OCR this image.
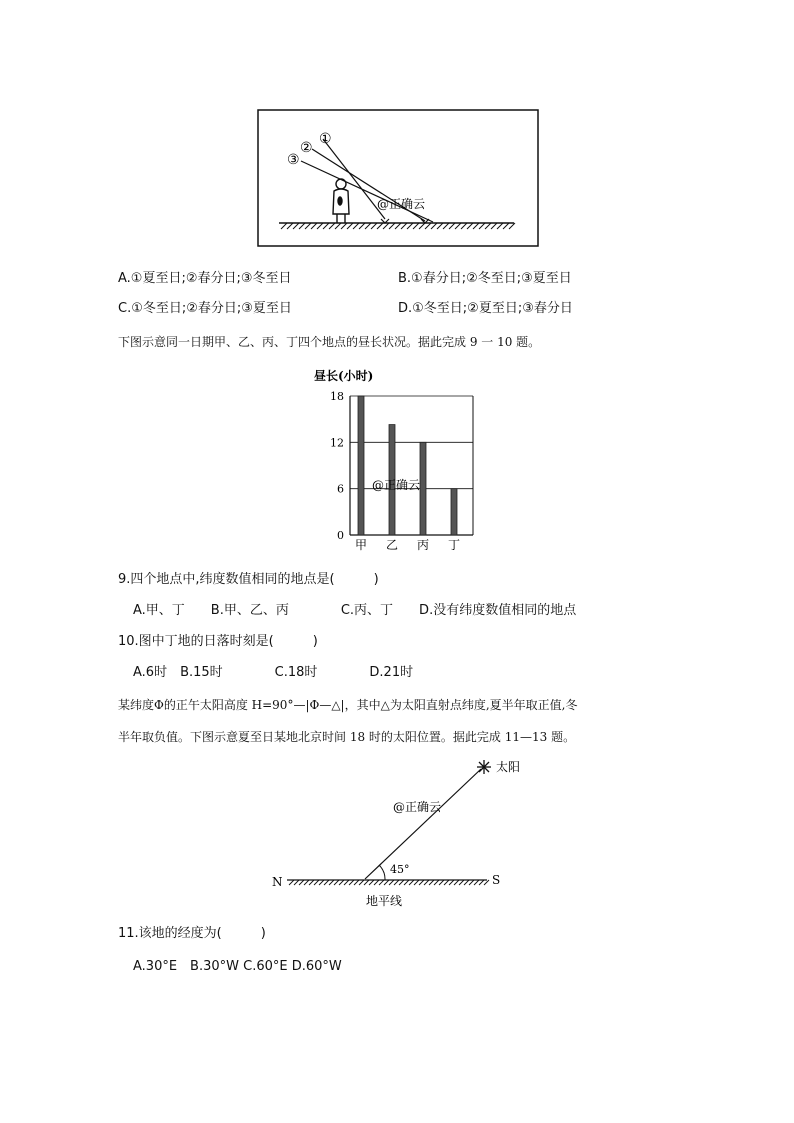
①
②
③
@正确云
A.①夏至日;②春分日;③冬至日	B.①春分日;②冬至日;③夏至日
C.①冬至日;②春分日;③夏至日	D.①冬至日;②夏至日;③春分日
下图示意同一日期甲、乙、丙、丁四个地点的昼长状况。据此完成 9 一 10 题。
昼长(小时)
18
12
6
0
甲 乙 丙 丁
@正确云
9.四个地点中,纬度数值相同的地点是(　　　)
A.甲、丁　　B.甲、乙、丙　　　　C.丙、丁　　D.没有纬度数值相同的地点
10.图中丁地的日落时刻是(　　　)
A.6时　B.15时　　　　C.18时　　　　D.21时
某纬度Φ的正午太阳高度 H=90°—|Φ—△|，其中△为太阳直射点纬度,夏半年取正值,冬
半年取负值。下图示意夏至日某地北京时间 18 时的太阳位置。据此完成 11—13 题。
太阳
45°
N	S
地平线
@正确云
11.该地的经度为(　　　)
A.30°E　B.30°W C.60°E D.60°W
